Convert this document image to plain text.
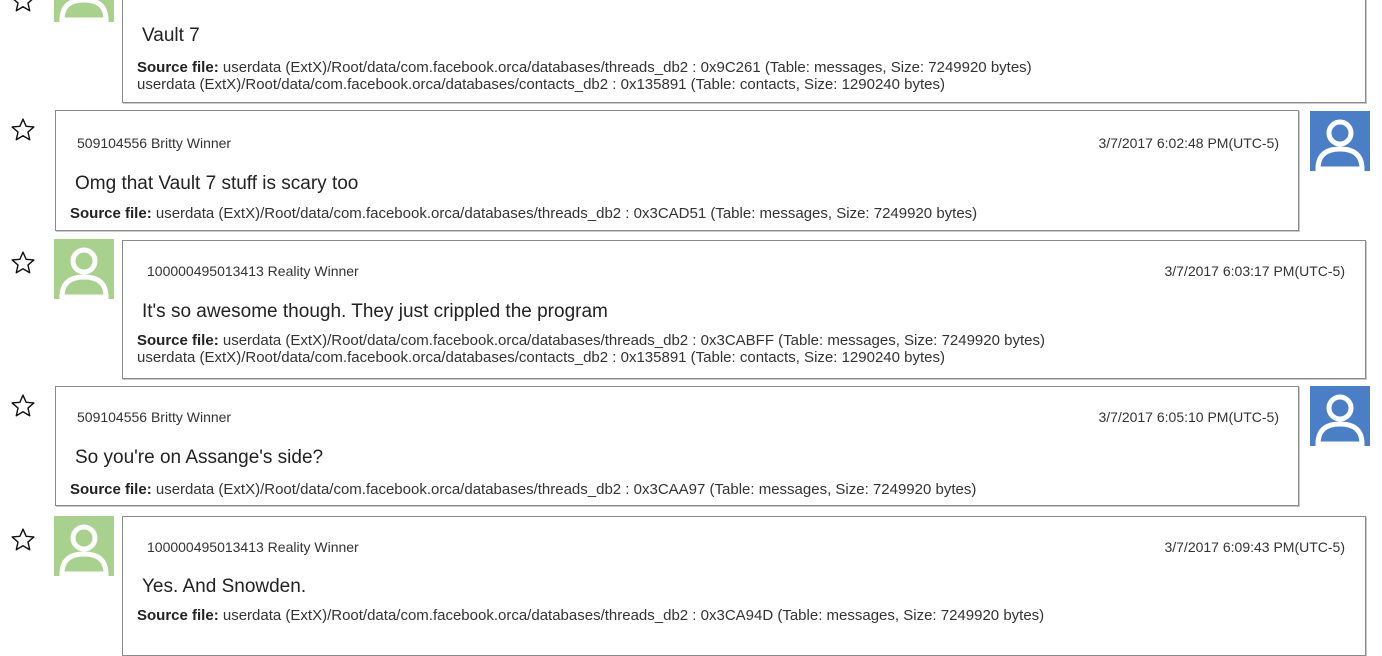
Vault 7
Source file: userdata (ExtX)/Root/data/com.facebook.orca/databases/threads_db2 : 0x9C261 (Table: messages, Size: 7249920 bytes)
userdata (ExtX)/Root/data/com.facebook.orca/databases/contacts_db2 : 0x135891 (Table: contacts, Size: 1290240 bytes)
509104556 Britty Winner	3/7/2017 6:02:48 PM(UTC-5)
Omg that Vault 7 stuff is scary too
Source file: userdata (ExtX)/Root/data/com.facebook.orca/databases/threads_db2 : 0x3CAD51 (Table: messages, Size: 7249920 bytes)
100000495013413 Reality Winner	3/7/2017 6:03:17 PM(UTC-5)
It's so awesome though. They just crippled the program
Source file: userdata (ExtX)/Root/data/com.facebook.orca/databases/threads_db2 : 0x3CABFF (Table: messages, Size: 7249920 bytes)
userdata (ExtX)/Root/data/com.facebook.orca/databases/contacts_db2 : 0x135891 (Table: contacts, Size: 1290240 bytes)
509104556 Britty Winner	3/7/2017 6:05:10 PM(UTC-5)
So you're on Assange's side?
Source file: userdata (ExtX)/Root/data/com.facebook.orca/databases/threads_db2 : 0x3CAA97 (Table: messages, Size: 7249920 bytes)
100000495013413 Reality Winner	3/7/2017 6:09:43 PM(UTC-5)
Yes. And Snowden.
Source file: userdata (ExtX)/Root/data/com.facebook.orca/databases/threads_db2 : 0x3CA94D (Table: messages, Size: 7249920 bytes)
